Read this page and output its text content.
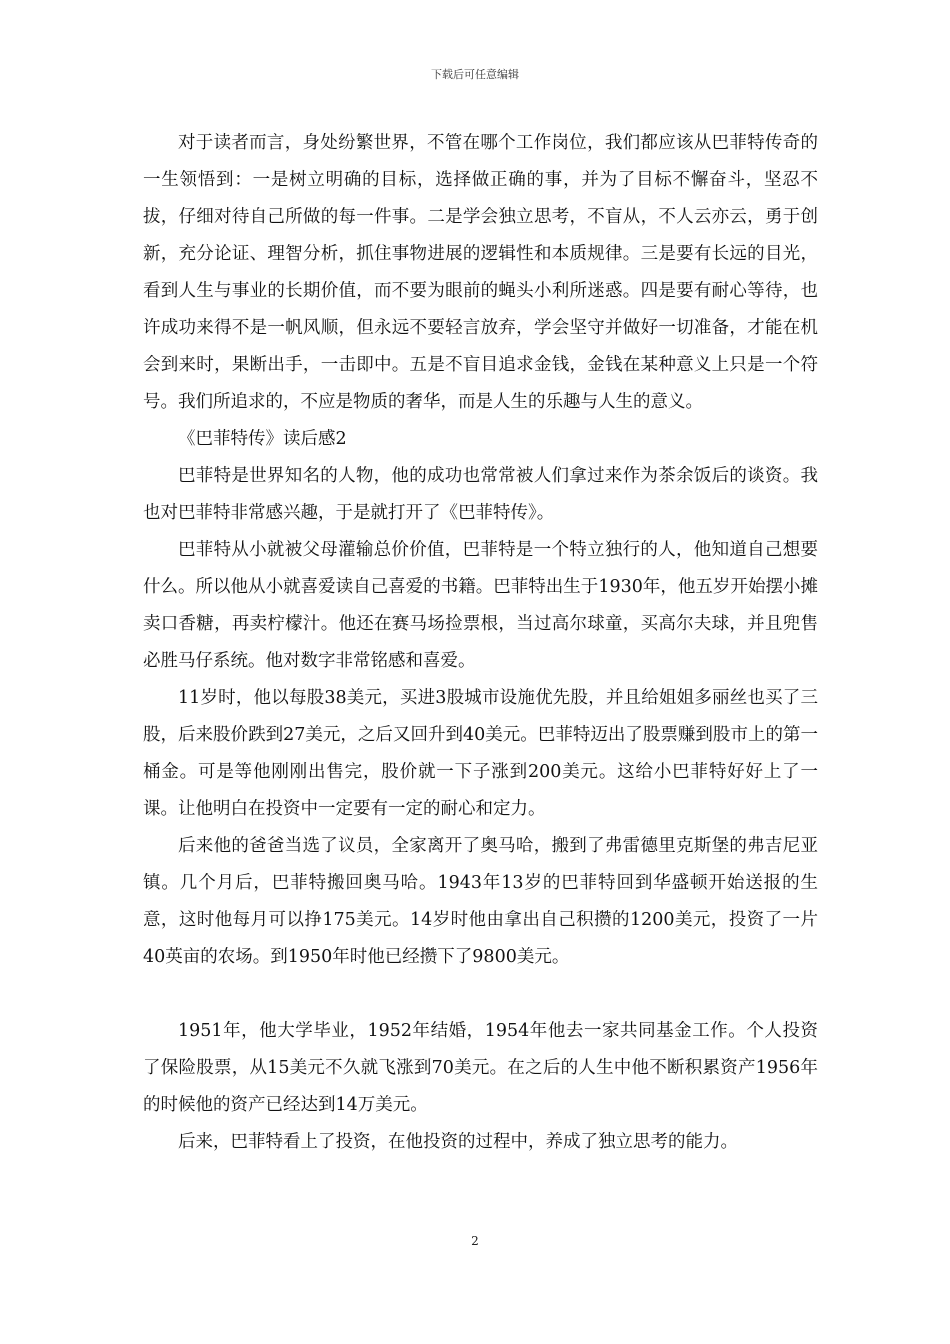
下载后可任意编辑

对于读者而言，身处纷繁世界，不管在哪个工作岗位，我们都应该从巴菲特传奇的一生领悟到：一是树立明确的目标，选择做正确的事，并为了目标不懈奋斗，坚忍不拔，仔细对待自己所做的每一件事。二是学会独立思考，不盲从，不人云亦云，勇于创新，充分论证、理智分析，抓住事物进展的逻辑性和本质规律。三是要有长远的目光，看到人生与事业的长期价值，而不要为眼前的蝇头小利所迷惑。四是要有耐心等待，也许成功来得不是一帆风顺，但永远不要轻言放弃，学会坚守并做好一切准备，才能在机会到来时，果断出手，一击即中。五是不盲目追求金钱，金钱在某种意义上只是一个符号。我们所追求的，不应是物质的奢华，而是人生的乐趣与人生的意义。

《巴菲特传》读后感2

巴菲特是世界知名的人物，他的成功也常常被人们拿过来作为茶余饭后的谈资。我也对巴菲特非常感兴趣，于是就打开了《巴菲特传》。

巴菲特从小就被父母灌输总价价值，巴菲特是一个特立独行的人，他知道自己想要什么。所以他从小就喜爱读自己喜爱的书籍。巴菲特出生于1930年，他五岁开始摆小摊卖口香糖，再卖柠檬汁。他还在赛马场捡票根，当过高尔球童，买高尔夫球，并且兜售必胜马仔系统。他对数字非常铭感和喜爱。

11岁时，他以每股38美元，买进3股城市设施优先股，并且给姐姐多丽丝也买了三股，后来股价跌到27美元，之后又回升到40美元。巴菲特迈出了股票赚到股市上的第一桶金。可是等他刚刚出售完，股价就一下子涨到200美元。这给小巴菲特好好上了一课。让他明白在投资中一定要有一定的耐心和定力。

后来他的爸爸当选了议员，全家离开了奥马哈，搬到了弗雷德里克斯堡的弗吉尼亚镇。几个月后，巴菲特搬回奥马哈。1943年13岁的巴菲特回到华盛顿开始送报的生意，这时他每月可以挣175美元。14岁时他由拿出自己积攒的1200美元，投资了一片40英亩的农场。到1950年时他已经攒下了9800美元。

1951年，他大学毕业，1952年结婚，1954年他去一家共同基金工作。个人投资了保险股票，从15美元不久就飞涨到70美元。在之后的人生中他不断积累资产1956年的时候他的资产已经达到14万美元。

后来，巴菲特看上了投资，在他投资的过程中，养成了独立思考的能力。

2
